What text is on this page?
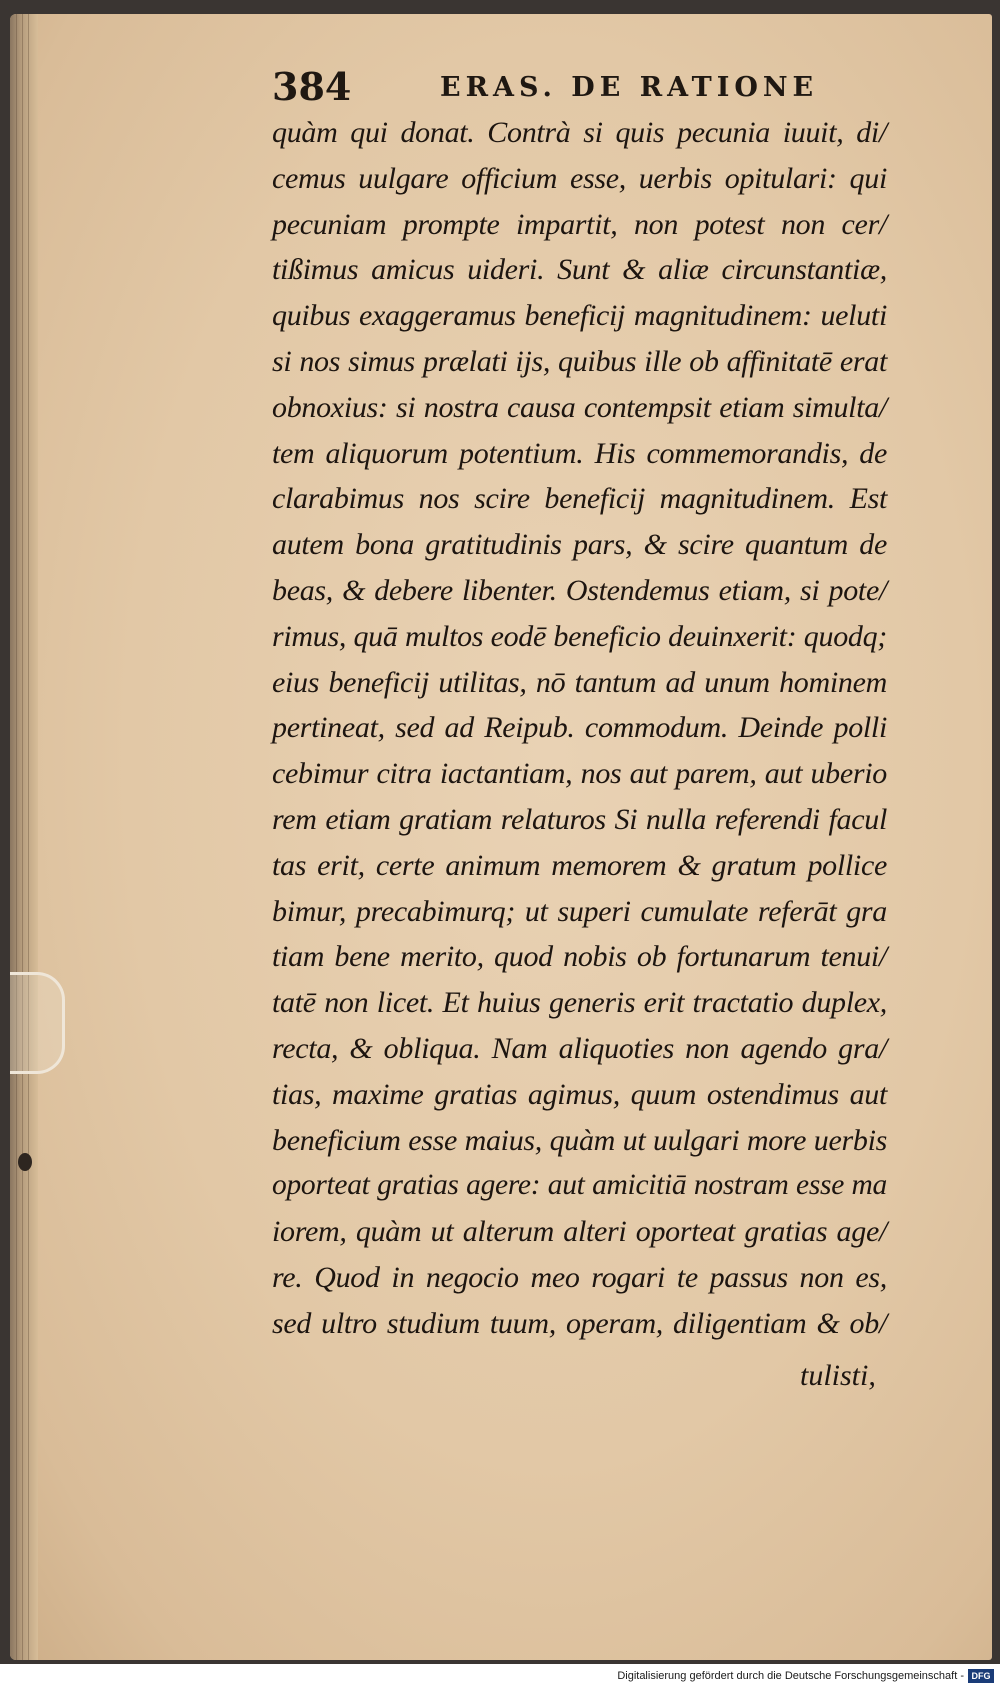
384	ERAS. DE RATIONE
quàm qui donat. Contrà si quis pecunia iuuit, di/
cemus uulgare officium esse, uerbis opitulari: qui
pecuniam prompte impartit, non potest non cer/
tißimus amicus uideri. Sunt & aliæ circunstantiæ,
quibus exaggeramus beneficij magnitudinem: ueluti
si nos simus prælati ijs, quibus ille ob affinitatē erat
obnoxius: si nostra causa contempsit etiam simulta/
tem aliquorum potentium. His commemorandis, de
clarabimus nos scire beneficij magnitudinem. Est
autem bona gratitudinis pars, & scire quantum de
beas, & debere libenter. Ostendemus etiam, si pote/
rimus, quā multos eodē beneficio deuinxerit: quodq;
eius beneficij utilitas, nō tantum ad unum hominem
pertineat, sed ad Reipub. commodum. Deinde polli
cebimur citra iactantiam, nos aut parem, aut uberio
rem etiam gratiam relaturos Si nulla referendi facul
tas erit, certe animum memorem & gratum pollice
bimur, precabimurq; ut superi cumulate referāt gra
tiam bene merito, quod nobis ob fortunarum tenui/
tatē non licet. Et huius generis erit tractatio duplex,
recta, & obliqua. Nam aliquoties non agendo gra/
tias, maxime gratias agimus, quum ostendimus aut
beneficium esse maius, quàm ut uulgari more uerbis
oporteat gratias agere: aut amicitiā nostram esse ma
iorem, quàm ut alterum alteri oporteat gratias age/
re. Quod in negocio meo rogari te passus non es,
sed ultro studium tuum, operam, diligentiam & ob/
tulisti,
Digitalisierung gefördert durch die Deutsche Forschungsgemeinschaft - DFG
